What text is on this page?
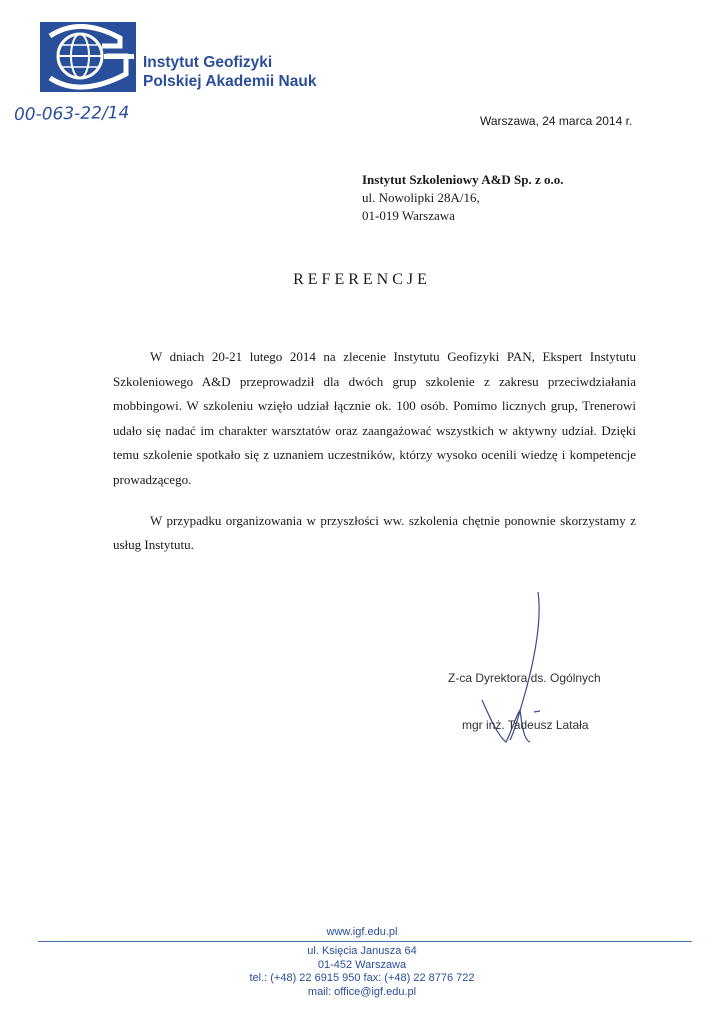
Instytut Geofizyki
Polskiej Akademii Nauk
00-063-22/14	Warszawa, 24 marca 2014 r.
Instytut Szkoleniowy A&D Sp. z o.o.
ul. Nowolipki 28A/16,
01-019 Warszawa
REFERENCJE

W dniach 20-21 lutego 2014 na zlecenie Instytutu Geofizyki PAN, Ekspert Instytutu Szkoleniowego A&D przeprowadził dla dwóch grup szkolenie z zakresu przeciwdziałania mobbingowi. W szkoleniu wzięło udział łącznie ok. 100 osób. Pomimo licznych grup, Trenerowi udało się nadać im charakter warsztatów oraz zaangażować wszystkich w aktywny udział. Dzięki temu szkolenie spotkało się z uznaniem uczestników, którzy wysoko ocenili wiedzę i kompetencje prowadzącego.

W przypadku organizowania w przyszłości ww. szkolenia chętnie ponownie skorzystamy z usług Instytutu.

Z-ca Dyrektora ds. Ogólnych
mgr inż. Tadeusz Latała
www.igf.edu.pl
ul. Księcia Janusza 64
01-452 Warszawa
tel.: (+48) 22 6915 950 fax: (+48) 22 8776 722
mail: office@igf.edu.pl
